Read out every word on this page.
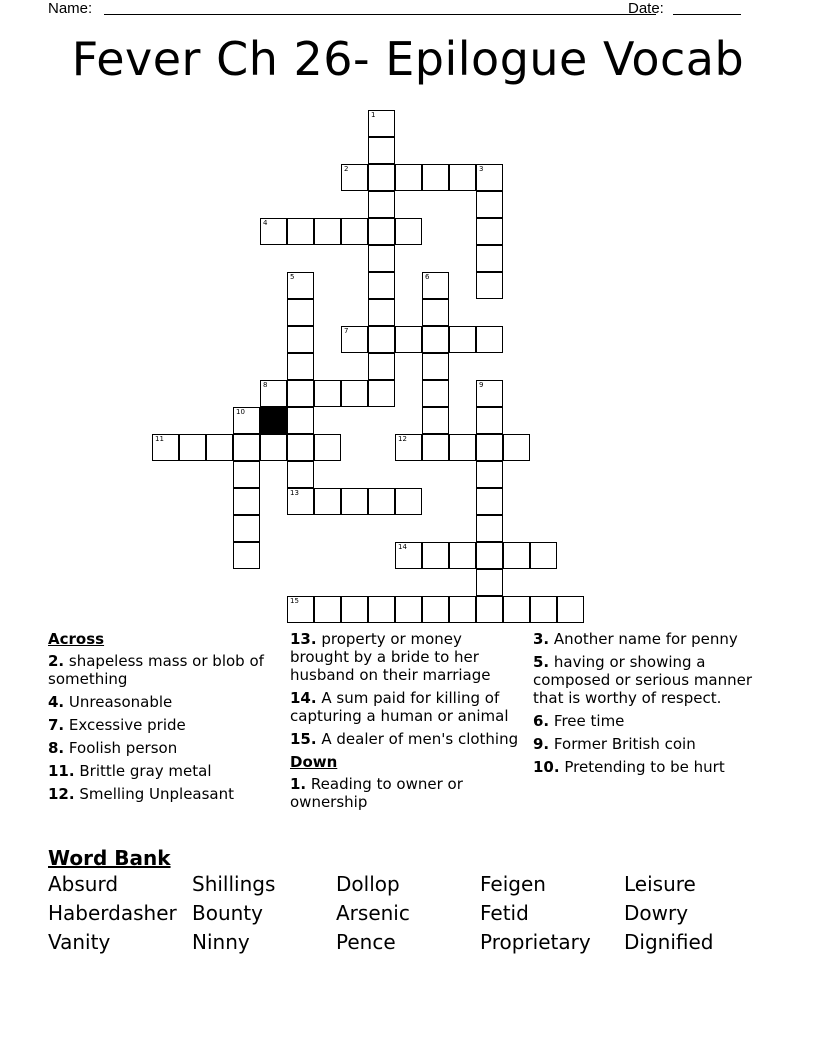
Name:	Date:
Fever Ch 26- Epilogue Vocab
1
2	3
4
5
13
6
7
8	9
10
11	12
14
15
Across
2. shapeless mass or blob of something
4. Unreasonable
7. Excessive pride
8. Foolish person
11. Brittle gray metal
12. Smelling Unpleasant
13. property or money brought by a bride to her husband on their marriage
14. A sum paid for killing of capturing a human or animal
15. A dealer of men's clothing
Down
1. Reading to owner or ownership
3. Another name for penny
5. having or showing a composed or serious manner that is worthy of respect.
6. Free time
9. Former British coin
10. Pretending to be hurt
Word Bank
Absurd	Shillings	Dollop	Feigen	Leisure
Haberdasher Bounty	Arsenic	Fetid	Dowry
Vanity	Ninny	Pence	Proprietary	Dignified
